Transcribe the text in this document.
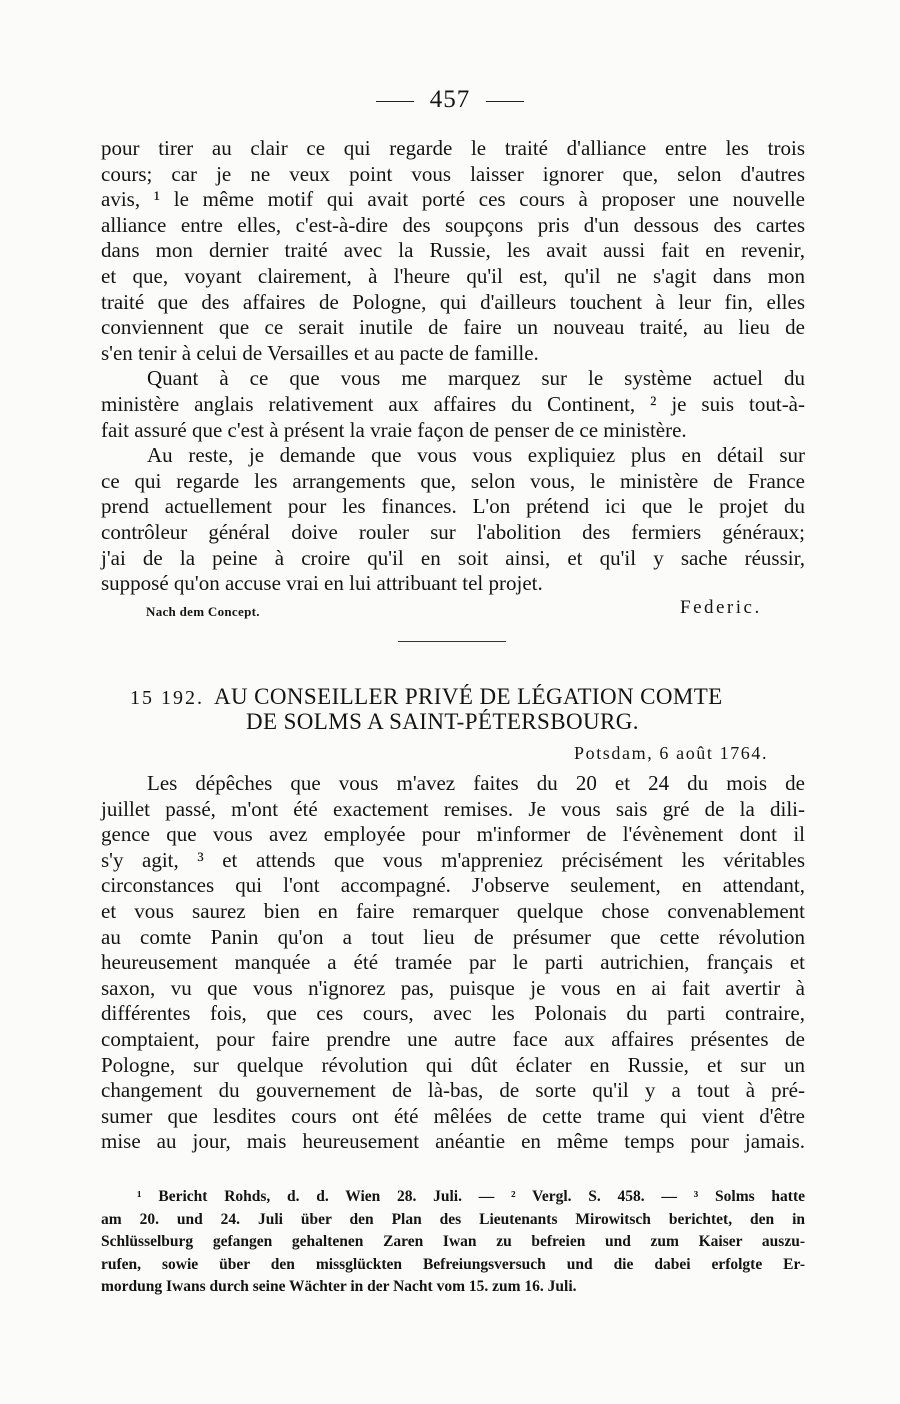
457
pour tirer au clair ce qui regarde le traité d'alliance entre les trois
cours; car je ne veux point vous laisser ignorer que, selon d'autres
avis, ¹ le même motif qui avait porté ces cours à proposer une nouvelle
alliance entre elles, c'est-à-dire des soupçons pris d'un dessous des cartes
dans mon dernier traité avec la Russie, les avait aussi fait en revenir,
et que, voyant clairement, à l'heure qu'il est, qu'il ne s'agit dans mon
traité que des affaires de Pologne, qui d'ailleurs touchent à leur fin, elles
conviennent que ce serait inutile de faire un nouveau traité, au lieu de
s'en tenir à celui de Versailles et au pacte de famille.
Quant à ce que vous me marquez sur le système actuel du
ministère anglais relativement aux affaires du Continent, ² je suis tout-à-
fait assuré que c'est à présent la vraie façon de penser de ce ministère.
Au reste, je demande que vous vous expliquiez plus en détail sur
ce qui regarde les arrangements que, selon vous, le ministère de France
prend actuellement pour les finances. L'on prétend ici que le projet du
contrôleur général doive rouler sur l'abolition des fermiers généraux;
j'ai de la peine à croire qu'il en soit ainsi, et qu'il y sache réussir,
supposé qu'on accuse vrai en lui attribuant tel projet.
Nach dem Concept.	Federic.
15 192. AU CONSEILLER PRIVÉ DE LÉGATION COMTE
DE SOLMS A SAINT-PÉTERSBOURG.
Potsdam, 6 août 1764.
Les dépêches que vous m'avez faites du 20 et 24 du mois de
juillet passé, m'ont été exactement remises. Je vous sais gré de la dili-
gence que vous avez employée pour m'informer de l'évènement dont il
s'y agit, ³ et attends que vous m'appreniez précisément les véritables
circonstances qui l'ont accompagné. J'observe seulement, en attendant,
et vous saurez bien en faire remarquer quelque chose convenablement
au comte Panin qu'on a tout lieu de présumer que cette révolution
heureusement manquée a été tramée par le parti autrichien, français et
saxon, vu que vous n'ignorez pas, puisque je vous en ai fait avertir à
différentes fois, que ces cours, avec les Polonais du parti contraire,
comptaient, pour faire prendre une autre face aux affaires présentes de
Pologne, sur quelque révolution qui dût éclater en Russie, et sur un
changement du gouvernement de là-bas, de sorte qu'il y a tout à pré-
sumer que lesdites cours ont été mêlées de cette trame qui vient d'être
mise au jour, mais heureusement anéantie en même temps pour jamais.
¹ Bericht Rohds, d. d. Wien 28. Juli. — ² Vergl. S. 458. — ³ Solms hatte
am 20. und 24. Juli über den Plan des Lieutenants Mirowitsch berichtet, den in
Schlüsselburg gefangen gehaltenen Zaren Iwan zu befreien und zum Kaiser auszu-
rufen, sowie über den missglückten Befreiungsversuch und die dabei erfolgte Er-
mordung Iwans durch seine Wächter in der Nacht vom 15. zum 16. Juli.
